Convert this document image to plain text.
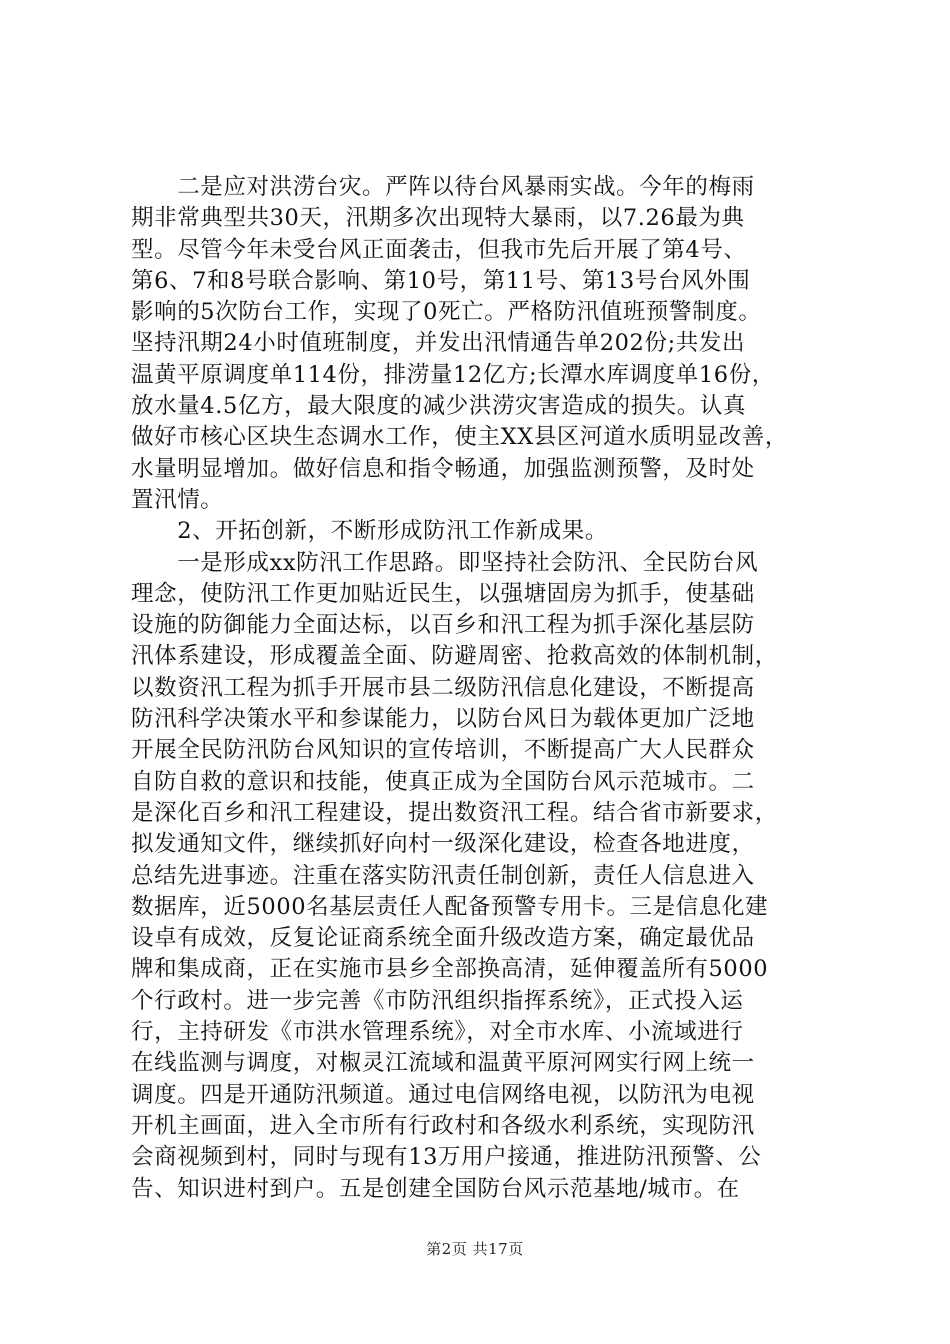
　　二是应对洪涝台灾。严阵以待台风暴雨实战。今年的梅雨
期非常典型共30天，汛期多次出现特大暴雨，以7.26最为典
型。尽管今年未受台风正面袭击，但我市先后开展了第4号、
第6、7和8号联合影响、第10号，第11号、第13号台风外围
影响的5次防台工作，实现了0死亡。严格防汛值班预警制度。
坚持汛期24小时值班制度，并发出汛情通告单202份;共发出
温黄平原调度单114份，排涝量12亿方;长潭水库调度单16份，
放水量4.5亿方，最大限度的减少洪涝灾害造成的损失。认真
做好市核心区块生态调水工作，使主XX县区河道水质明显改善，
水量明显增加。做好信息和指令畅通，加强监测预警，及时处
置汛情。
　　2、开拓创新，不断形成防汛工作新成果。
　　一是形成xx防汛工作思路。即坚持社会防汛、全民防台风
理念，使防汛工作更加贴近民生，以强塘固房为抓手，使基础
设施的防御能力全面达标，以百乡和汛工程为抓手深化基层防
汛体系建设，形成覆盖全面、防避周密、抢救高效的体制机制，
以数资汛工程为抓手开展市县二级防汛信息化建设，不断提高
防汛科学决策水平和参谋能力，以防台风日为载体更加广泛地
开展全民防汛防台风知识的宣传培训，不断提高广大人民群众
自防自救的意识和技能，使真正成为全国防台风示范城市。二
是深化百乡和汛工程建设，提出数资汛工程。结合省市新要求，
拟发通知文件，继续抓好向村一级深化建设，检查各地进度，
总结先进事迹。注重在落实防汛责任制创新，责任人信息进入
数据库，近5000名基层责任人配备预警专用卡。三是信息化建
设卓有成效，反复论证商系统全面升级改造方案，确定最优品
牌和集成商，正在实施市县乡全部换高清，延伸覆盖所有5000
个行政村。进一步完善《市防汛组织指挥系统》，正式投入运
行，主持研发《市洪水管理系统》，对全市水库、小流域进行
在线监测与调度，对椒灵江流域和温黄平原河网实行网上统一
调度。四是开通防汛频道。通过电信网络电视，以防汛为电视
开机主画面，进入全市所有行政村和各级水利系统，实现防汛
会商视频到村，同时与现有13万用户接通，推进防汛预警、公
告、知识进村到户。五是创建全国防台风示范基地/城市。在
第2页 共17页
